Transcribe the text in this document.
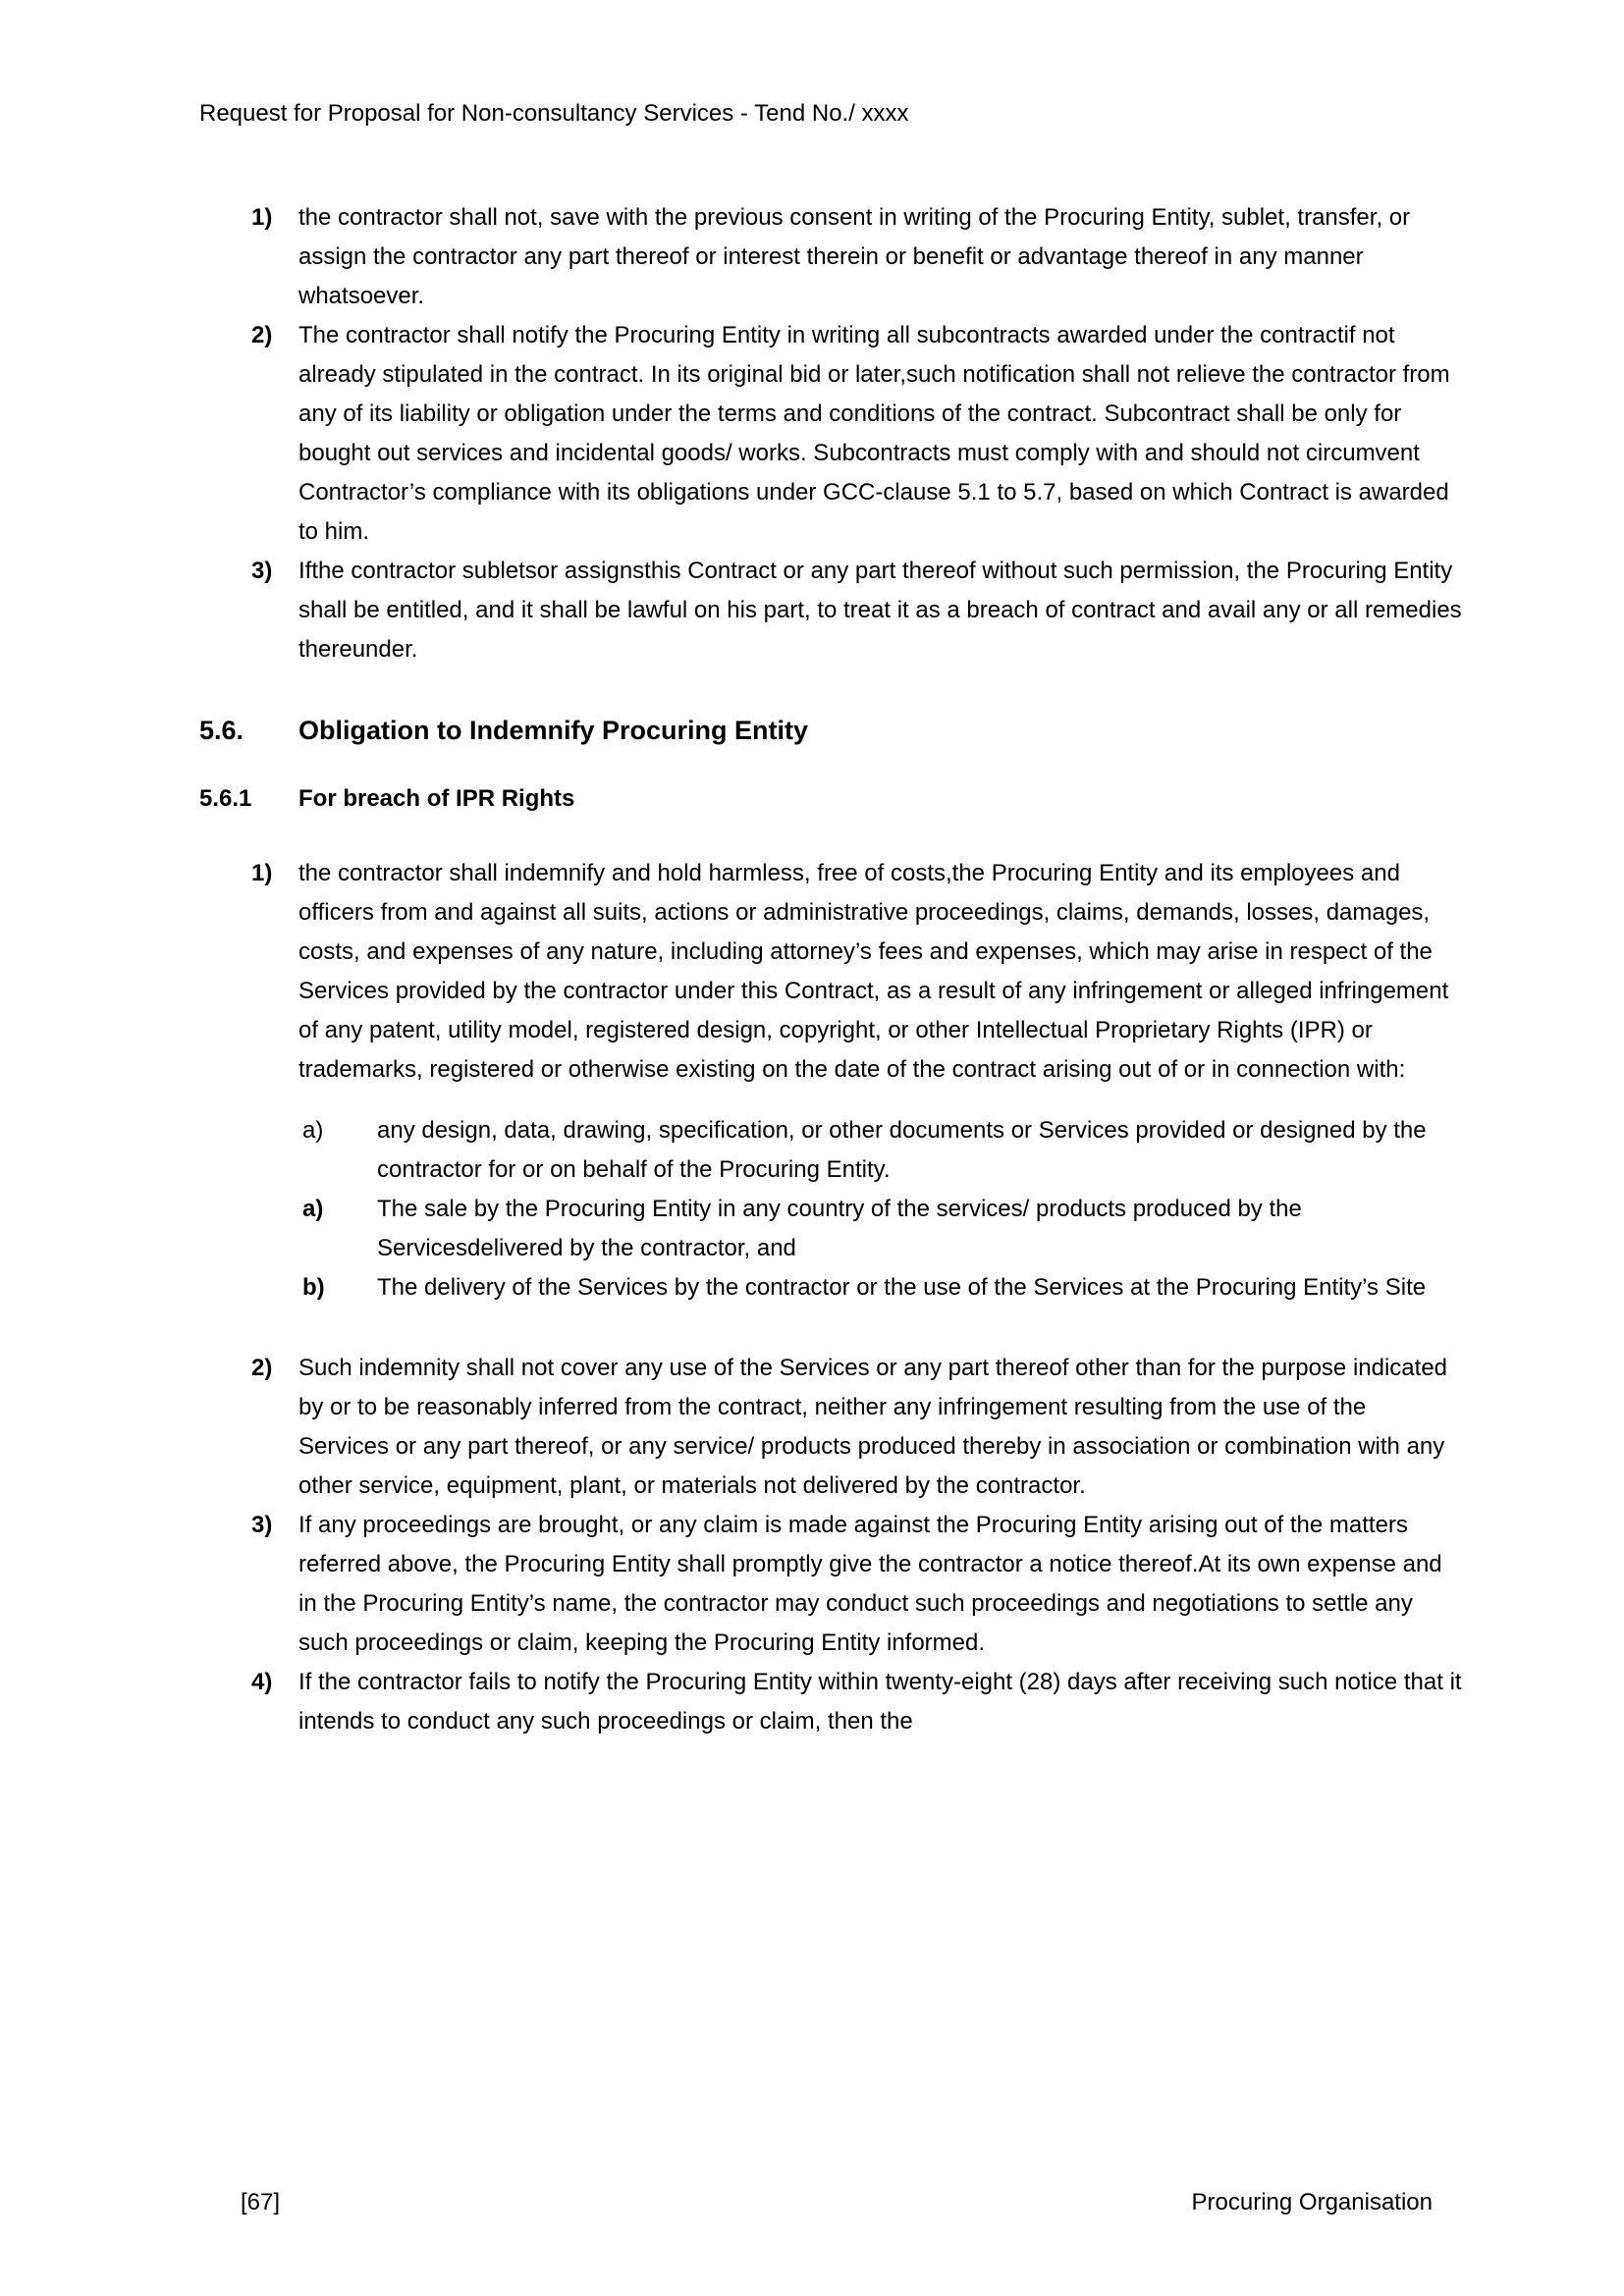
Request for Proposal for Non-consultancy Services - Tend No./ xxxx
1)	the contractor shall not, save with the previous consent in writing of the Procuring Entity, sublet, transfer, or assign the contractor any part thereof or interest therein or benefit or advantage thereof in any manner whatsoever.
2)	The contractor shall notify the Procuring Entity in writing all subcontracts awarded under the contractif not already stipulated in the contract. In its original bid or later,such notification shall not relieve the contractor from any of its liability or obligation under the terms and conditions of the contract. Subcontract shall be only for bought out services and incidental goods/ works. Subcontracts must comply with and should not circumvent Contractor’s compliance with its obligations under GCC-clause 5.1 to 5.7, based on which Contract is awarded to him.
3)	Ifthe contractor subletsor assignsthis Contract or any part thereof without such permission, the Procuring Entity shall be entitled, and it shall be lawful on his part, to treat it as a breach of contract and avail any or all remedies thereunder.
5.6.	Obligation to Indemnify Procuring Entity
5.6.1	For breach of IPR Rights
1)	the contractor shall indemnify and hold harmless, free of costs,the Procuring Entity and its employees and officers from and against all suits, actions or administrative proceedings, claims, demands, losses, damages, costs, and expenses of any nature, including attorney’s fees and expenses, which may arise in respect of the Services provided by the contractor under this Contract, as a result of any infringement or alleged infringement of any patent, utility model, registered design, copyright, or other Intellectual Proprietary Rights (IPR) or trademarks, registered or otherwise existing on the date of the contract arising out of or in connection with:
a)	any design, data, drawing, specification, or other documents or Services provided or designed by the contractor for or on behalf of the Procuring Entity.
a)	The sale by the Procuring Entity in any country of the services/ products produced by the Servicesdelivered by the contractor, and
b)	The delivery of the Services by the contractor or the use of the Services at the Procuring Entity’s Site
2)	Such indemnity shall not cover any use of the Services or any part thereof other than for the purpose indicated by or to be reasonably inferred from the contract, neither any infringement resulting from the use of the Services or any part thereof, or any service/ products produced thereby in association or combination with any other service, equipment, plant, or materials not delivered by the contractor.
3)	If any proceedings are brought, or any claim is made against the Procuring Entity arising out of the matters referred above, the Procuring Entity shall promptly give the contractor a notice thereof.At its own expense and in the Procuring Entity’s name, the contractor may conduct such proceedings and negotiations to settle any such proceedings or claim, keeping the Procuring Entity informed.
4)	If the contractor fails to notify the Procuring Entity within twenty-eight (28) days after receiving such notice that it intends to conduct any such proceedings or claim, then the
[67]	Procuring Organisation
